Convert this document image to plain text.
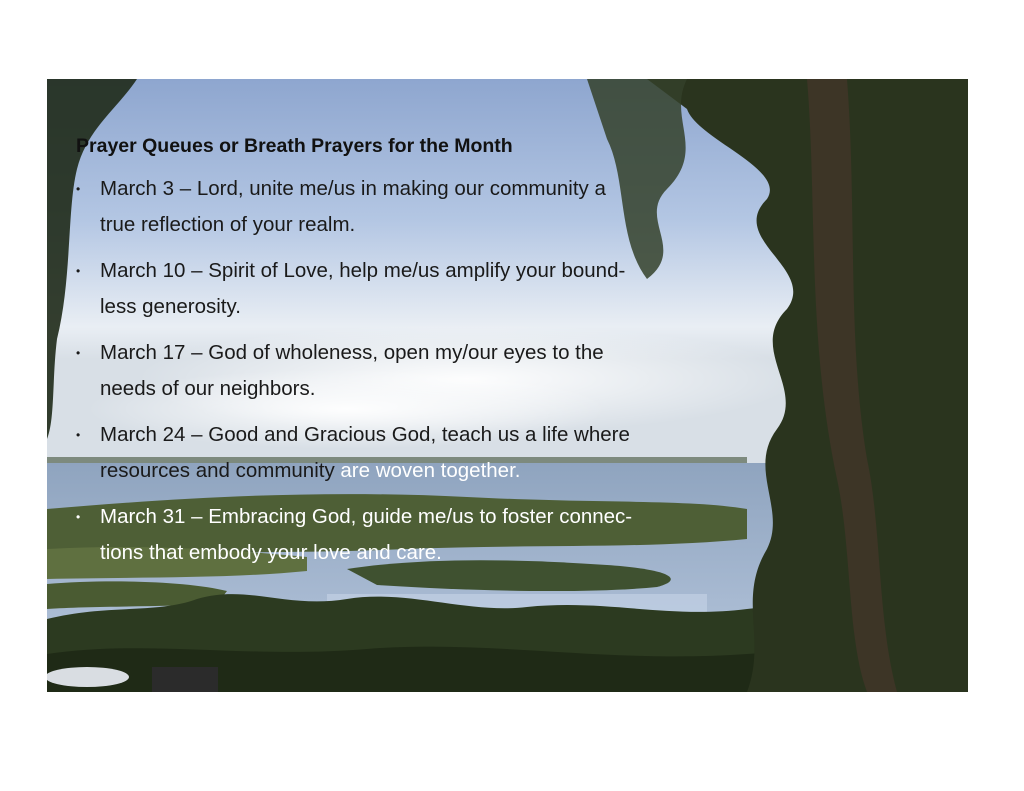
Prayer Queues or Breath Prayers for the Month
• March 3 – Lord, unite me/us in making our community a
true reflection of your realm.
• March 10 – Spirit of Love, help me/us amplify your bound-
less generosity.
• March 17 – God of wholeness, open my/our eyes to the
needs of our neighbors.
• March 24 – Good and Gracious God, teach us a life where
resources and community are woven together.
• March 31 – Embracing God, guide me/us to foster connec-
tions that embody your love and care.
